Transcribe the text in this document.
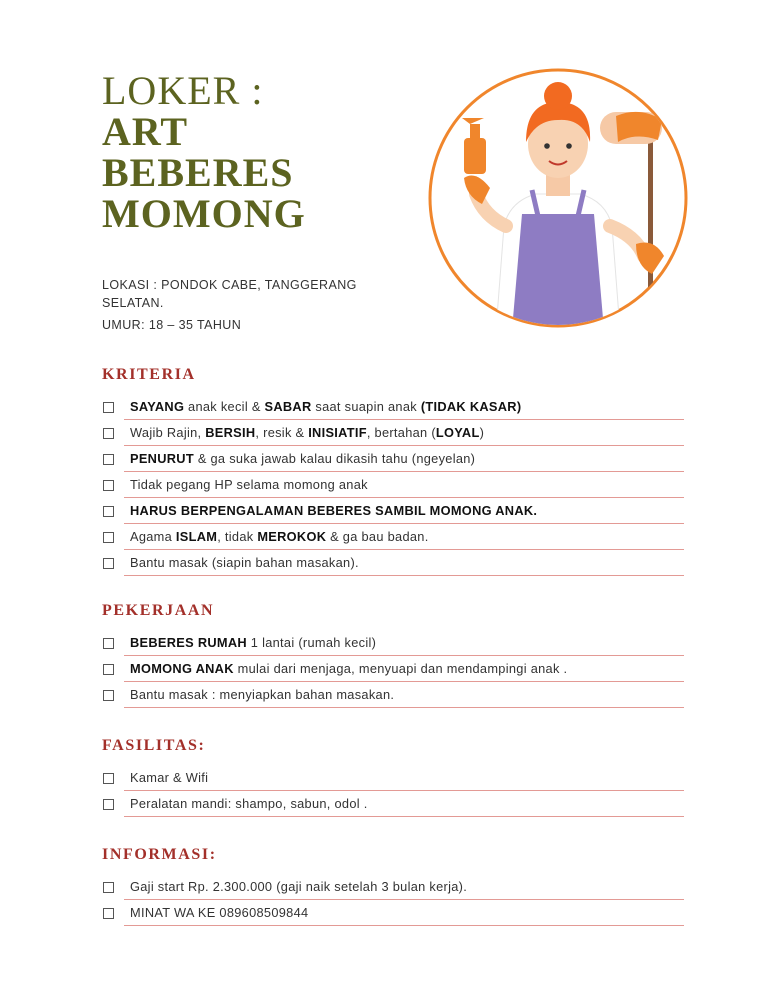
LOKER :
ART
BEBERES
MOMONG
LOKASI : PONDOK CABE, TANGGERANG SELATAN.
UMUR: 18 – 35 TAHUN
KRITERIA
SAYANG anak kecil & SABAR saat suapin anak (TIDAK KASAR)
Wajib Rajin, BERSIH, resik & INISIATIF, bertahan (LOYAL)
PENURUT & ga suka jawab kalau dikasih tahu (ngeyelan)
Tidak pegang HP selama momong anak
HARUS BERPENGALAMAN BEBERES SAMBIL MOMONG ANAK.
Agama ISLAM, tidak MEROKOK & ga bau badan.
Bantu masak (siapin bahan masakan).
PEKERJAAN
BEBERES RUMAH 1 lantai (rumah kecil)
MOMONG ANAK mulai dari menjaga, menyuapi dan mendampingi anak .
Bantu masak : menyiapkan bahan masakan.
FASILITAS:
Kamar & Wifi
Peralatan mandi: shampo, sabun, odol .
INFORMASI:
Gaji start Rp. 2.300.000 (gaji naik setelah 3 bulan kerja).
MINAT WA KE 089608509844
